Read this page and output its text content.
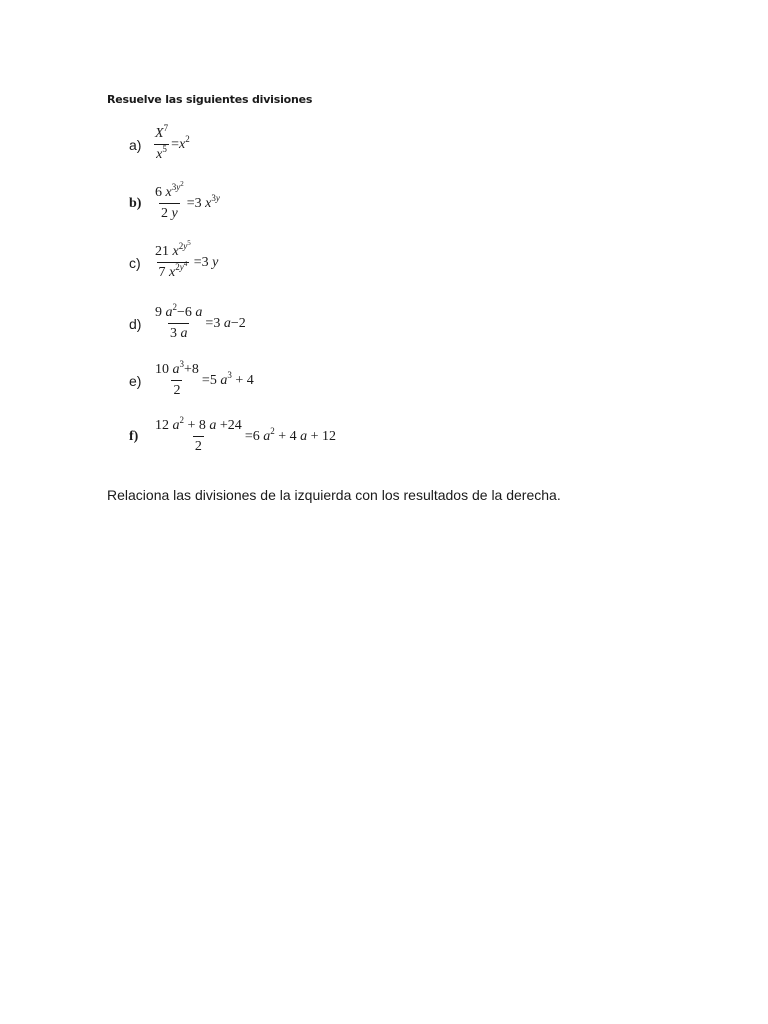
Resuelve las siguientes divisiones
$a) \frac{X^7}{x^5} =x^2$
$b) \frac{6 x^{3y^2}}{2 y} =3$ $x^{3y}$
$c) \frac{21 x^{2y^5}}{7 x^{2y^4}} =3$ y
$d) \frac{9 a^2-6 a}{3 a} =3$ a−2
$e) \frac{10 a^3+8}{2} =5$ $a^3 + 4$
f)	$\frac{12 a^2 + 8 a +24}{2} =6$ $a^2 + 4$ a + 12
Relaciona las divisiones de la izquierda con los resultados de la derecha.
